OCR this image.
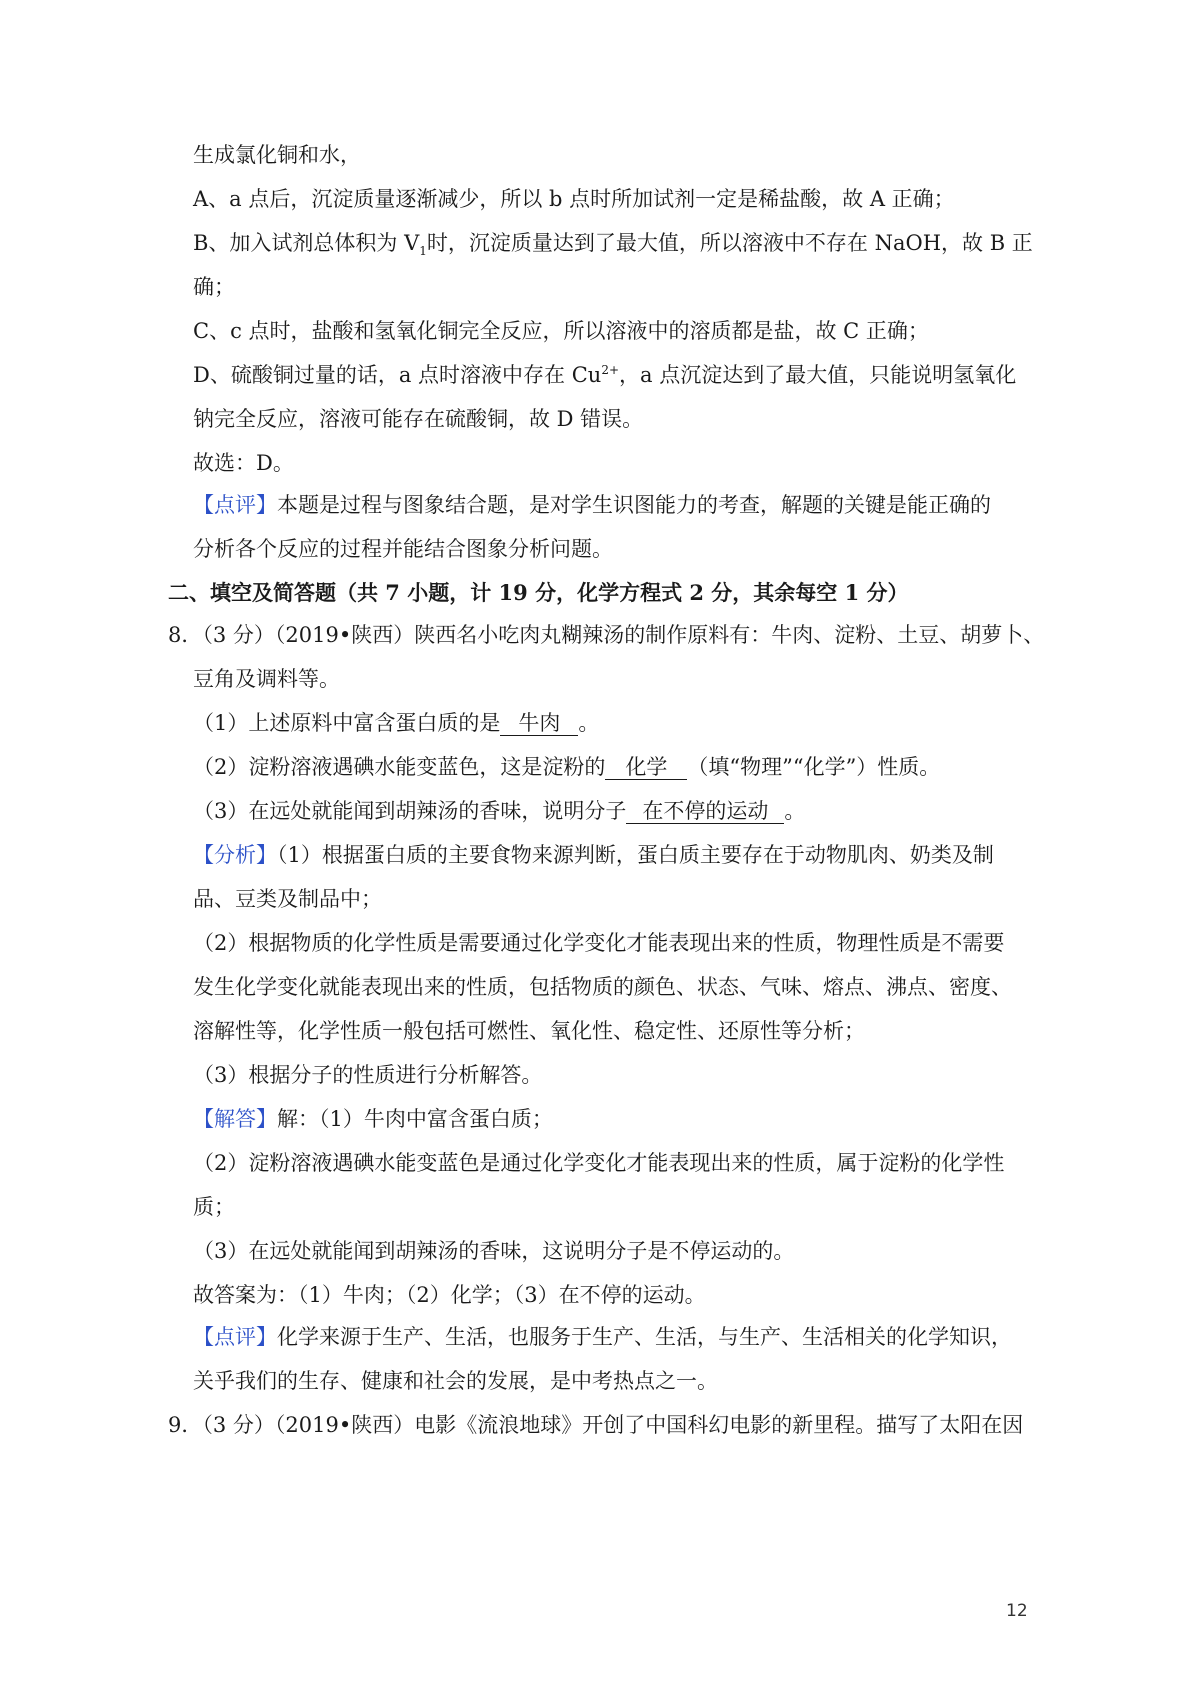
生成氯化铜和水，
A、a 点后，沉淀质量逐渐减少，所以 b 点时所加试剂一定是稀盐酸，故 A 正确；
B、加入试剂总体积为 $V_1$时，沉淀质量达到了最大值，所以溶液中不存在 NaOH，故 B 正
确；
C、c 点时，盐酸和氢氧化铜完全反应，所以溶液中的溶质都是盐，故 C 正确；
D、硫酸铜过量的话，a 点时溶液中存在 $Cu^{2+}$，a 点沉淀达到了最大值，只能说明氢氧化
钠完全反应，溶液可能存在硫酸铜，故 D 错误。
故选：D。
【点评】本题是过程与图象结合题，是对学生识图能力的考查，解题的关键是能正确的
分析各个反应的过程并能结合图象分析问题。
二、填空及简答题（共 7 小题，计 19 分，化学方程式 2 分，其余每空 1 分）
8．（3 分）（2019•陕西）陕西名小吃肉丸糊辣汤的制作原料有：牛肉、淀粉、土豆、胡萝卜、
豆角及调料等。
（1）上述原料中富含蛋白质的是 牛肉 。
（2）淀粉溶液遇碘水能变蓝色，这是淀粉的 化学 （填“物理”“化学”）性质。
（3）在远处就能闻到胡辣汤的香味，说明分子 在不停的运动 。
【分析】（1）根据蛋白质的主要食物来源判断，蛋白质主要存在于动物肌肉、奶类及制
品、豆类及制品中；
（2）根据物质的化学性质是需要通过化学变化才能表现出来的性质，物理性质是不需要
发生化学变化就能表现出来的性质，包括物质的颜色、状态、气味、熔点、沸点、密度、
溶解性等，化学性质一般包括可燃性、氧化性、稳定性、还原性等分析；
（3）根据分子的性质进行分析解答。
【解答】解：（1）牛肉中富含蛋白质；
（2）淀粉溶液遇碘水能变蓝色是通过化学变化才能表现出来的性质，属于淀粉的化学性
质；
（3）在远处就能闻到胡辣汤的香味，这说明分子是不停运动的。
故答案为：（1）牛肉；（2）化学；（3）在不停的运动。
【点评】化学来源于生产、生活，也服务于生产、生活，与生产、生活相关的化学知识，
关乎我们的生存、健康和社会的发展，是中考热点之一。
9．（3 分）（2019•陕西）电影《流浪地球》开创了中国科幻电影的新里程。描写了太阳在因
12
